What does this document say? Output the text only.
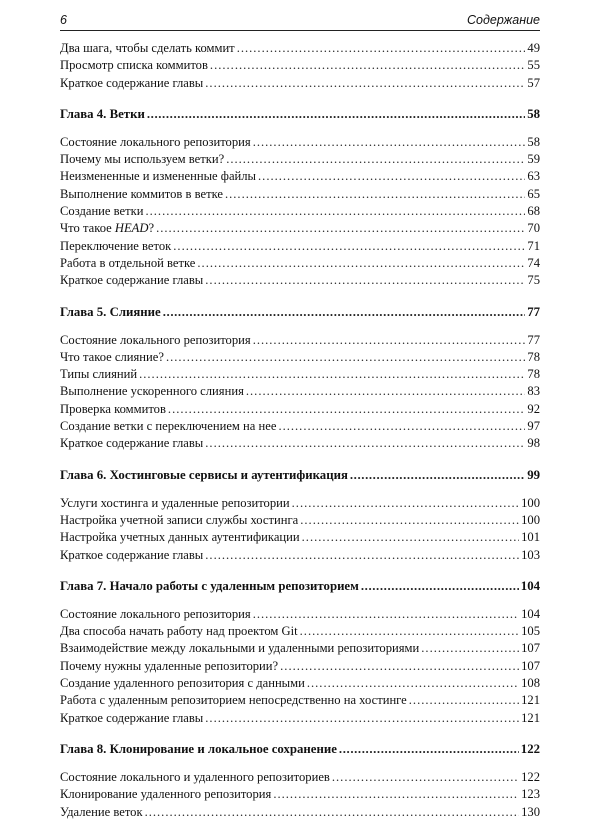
6	Содержание
Два шага, чтобы сделать коммит .....	49
Просмотр списка коммитов .....	55
Краткое содержание главы .....	57
Глава 4. Ветки .....	58
Состояние локального репозитория .....	58
Почему мы используем ветки? .....	59
Неизмененные и измененные файлы .....	63
Выполнение коммитов в ветке .....	65
Создание ветки .....	68
Что такое HEAD? .....	70
Переключение веток .....	71
Работа в отдельной ветке .....	74
Краткое содержание главы .....	75
Глава 5. Слияние .....	77
Состояние локального репозитория .....	77
Что такое слияние? .....	78
Типы слияний .....	78
Выполнение ускоренного слияния .....	83
Проверка коммитов .....	92
Создание ветки с переключением на нее .....	97
Краткое содержание главы .....	98
Глава 6. Хостинговые сервисы и аутентификация .....	99
Услуги хостинга и удаленные репозитории .....	100
Настройка учетной записи службы хостинга .....	100
Настройка учетных данных аутентификации .....	101
Краткое содержание главы .....	103
Глава 7. Начало работы с удаленным репозиторием .....	104
Состояние локального репозитория .....	104
Два способа начать работу над проектом Git .....	105
Взаимодействие между локальными и удаленными репозиториями .....	107
Почему нужны удаленные репозитории? .....	107
Создание удаленного репозитория с данными .....	108
Работа с удаленным репозиторием непосредственно на хостинге .....	121
Краткое содержание главы .....	121
Глава 8. Клонирование и локальное сохранение .....	122
Состояние локального и удаленного репозиториев .....	122
Клонирование удаленного репозитория .....	123
Удаление веток .....	130
